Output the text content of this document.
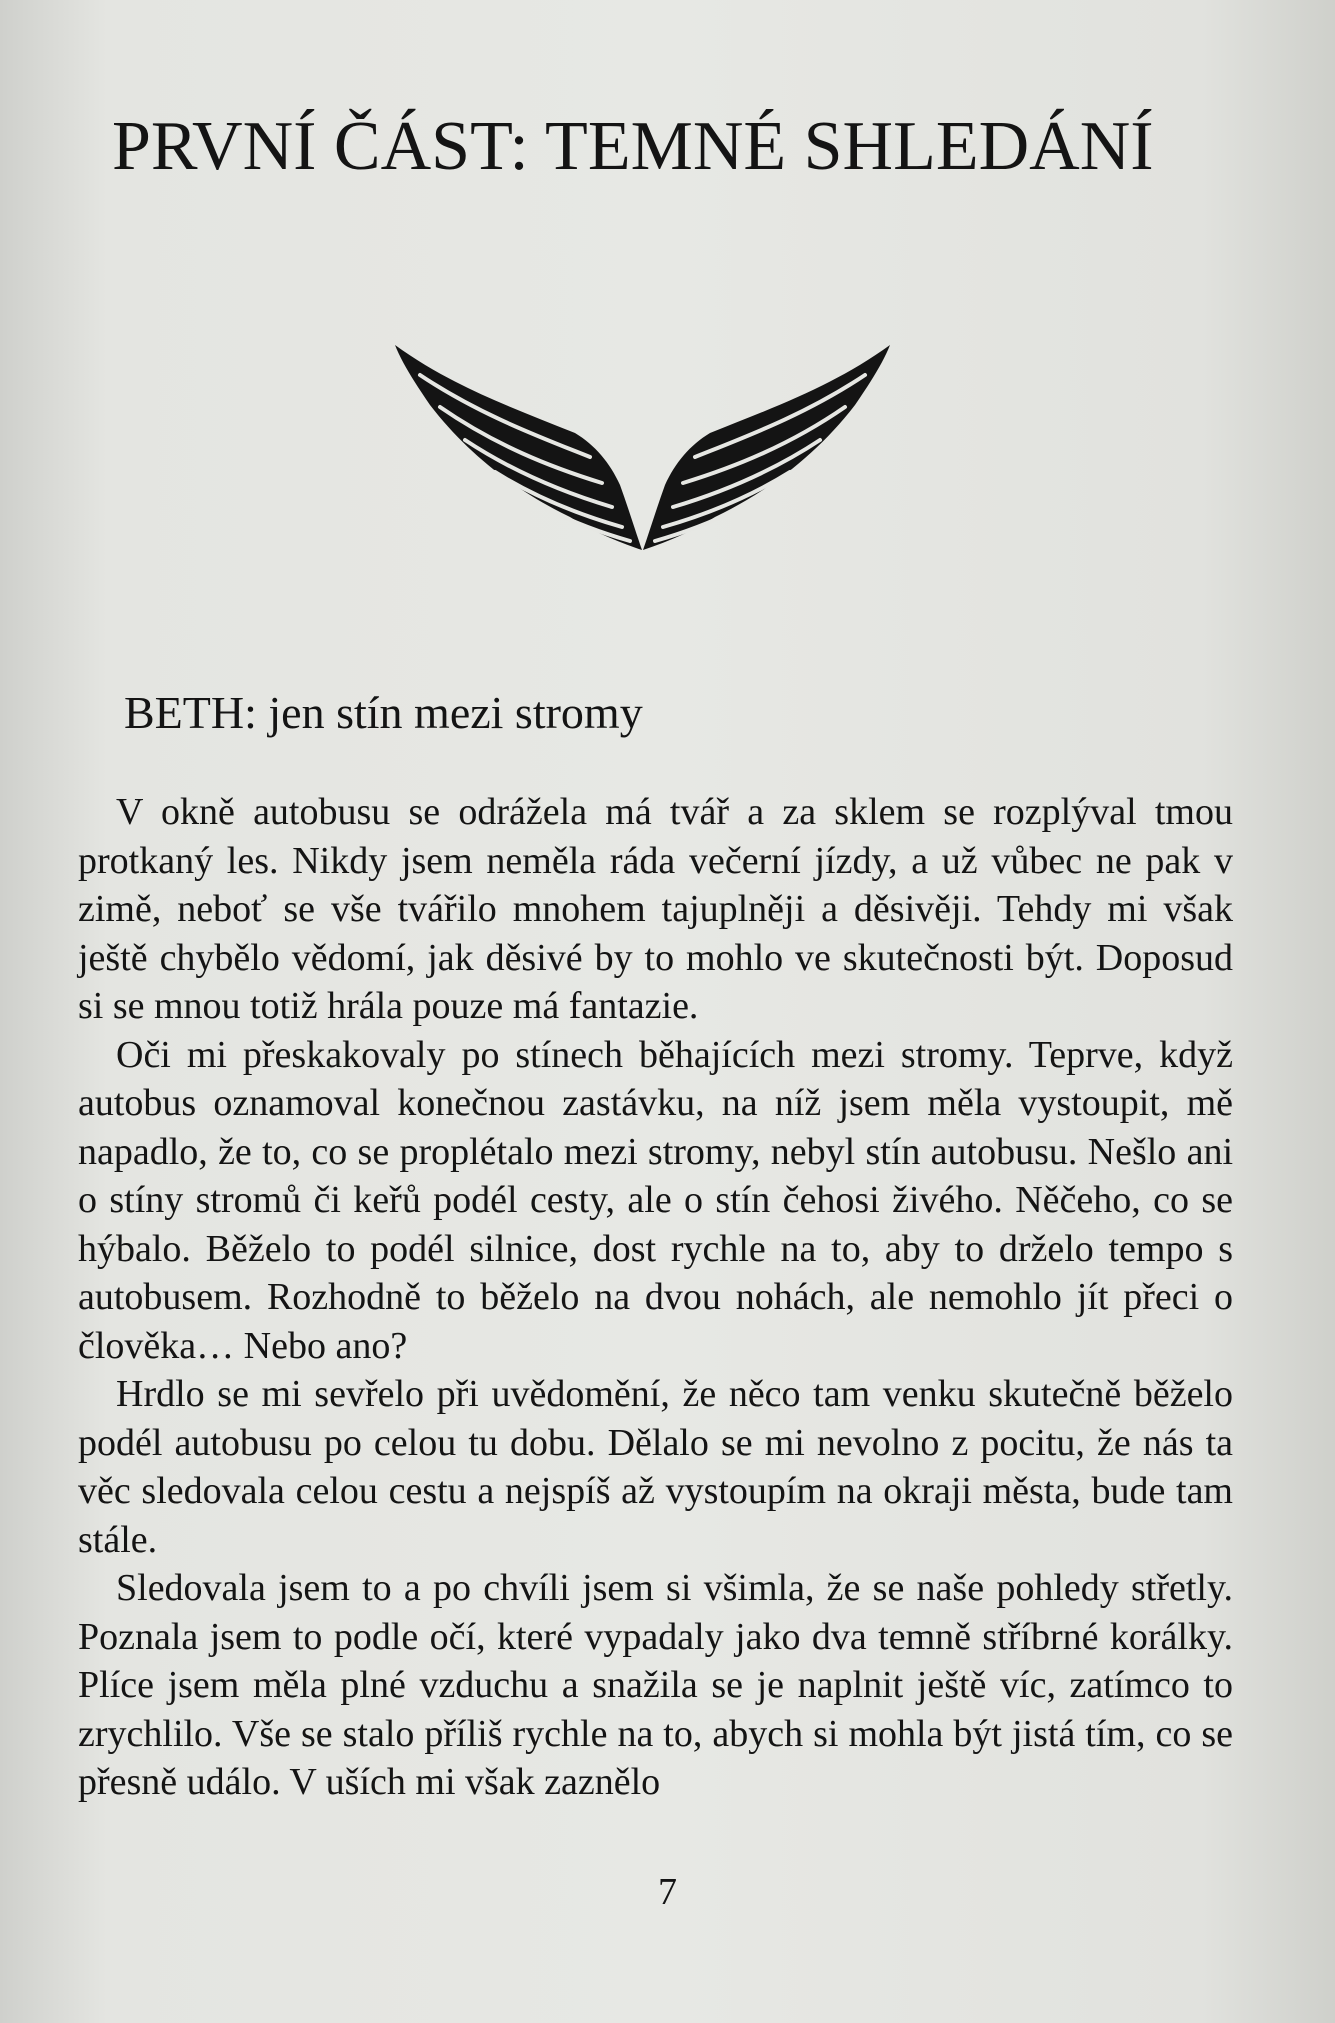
PRVNÍ ČÁST: TEMNÉ SHLEDÁNÍ
BETH: jen stín mezi stromy

V okně autobusu se odrážela má tvář a za sklem se rozplýval tmou protkaný les. Nikdy jsem neměla ráda večerní jízdy, a už vůbec ne pak v zimě, neboť se vše tvářilo mnohem tajuplněji a děsivěji. Tehdy mi však ještě chybělo vědomí, jak děsivé by to mohlo ve skutečnosti být. Doposud si se mnou totiž hrála pouze má fantazie.

Oči mi přeskakovaly po stínech běhajících mezi stromy. Teprve, když autobus oznamoval konečnou zastávku, na níž jsem měla vystoupit, mě napadlo, že to, co se proplétalo mezi stromy, nebyl stín autobusu. Nešlo ani o stíny stromů či keřů podél cesty, ale o stín čehosi živého. Něčeho, co se hýbalo. Běželo to podél silnice, dost rychle na to, aby to drželo tempo s autobusem. Rozhodně to běželo na dvou nohách, ale nemohlo jít přeci o člověka… Nebo ano?

Hrdlo se mi sevřelo při uvědomění, že něco tam venku skutečně běželo podél autobusu po celou tu dobu. Dělalo se mi nevolno z pocitu, že nás ta věc sledovala celou cestu a nejspíš až vystoupím na okraji města, bude tam stále.

Sledovala jsem to a po chvíli jsem si všimla, že se naše pohledy střetly. Poznala jsem to podle očí, které vypadaly jako dva temně stříbrné korálky. Plíce jsem měla plné vzduchu a snažila se je naplnit ještě víc, zatímco to zrychlilo. Vše se stalo příliš rychle na to, abych si mohla být jistá tím, co se přesně událo. V uších mi však zaznělo

7
